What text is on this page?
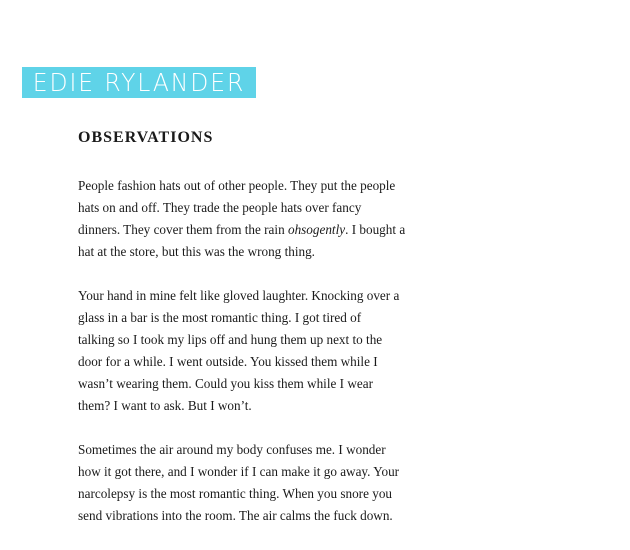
EDIE RYLANDER
OBSERVATIONS

People fashion hats out of other people. They put the people
hats on and off. They trade the people hats over fancy
dinners. They cover them from the rain ohsogently. I bought a
hat at the store, but this was the wrong thing.

Your hand in mine felt like gloved laughter. Knocking over a
glass in a bar is the most romantic thing. I got tired of
talking so I took my lips off and hung them up next to the
door for a while. I went outside. You kissed them while I
wasn’t wearing them. Could you kiss them while I wear
them? I want to ask. But I won’t.

Sometimes the air around my body confuses me. I wonder
how it got there, and I wonder if I can make it go away. Your
narcolepsy is the most romantic thing. When you snore you
send vibrations into the room. The air calms the fuck down.
